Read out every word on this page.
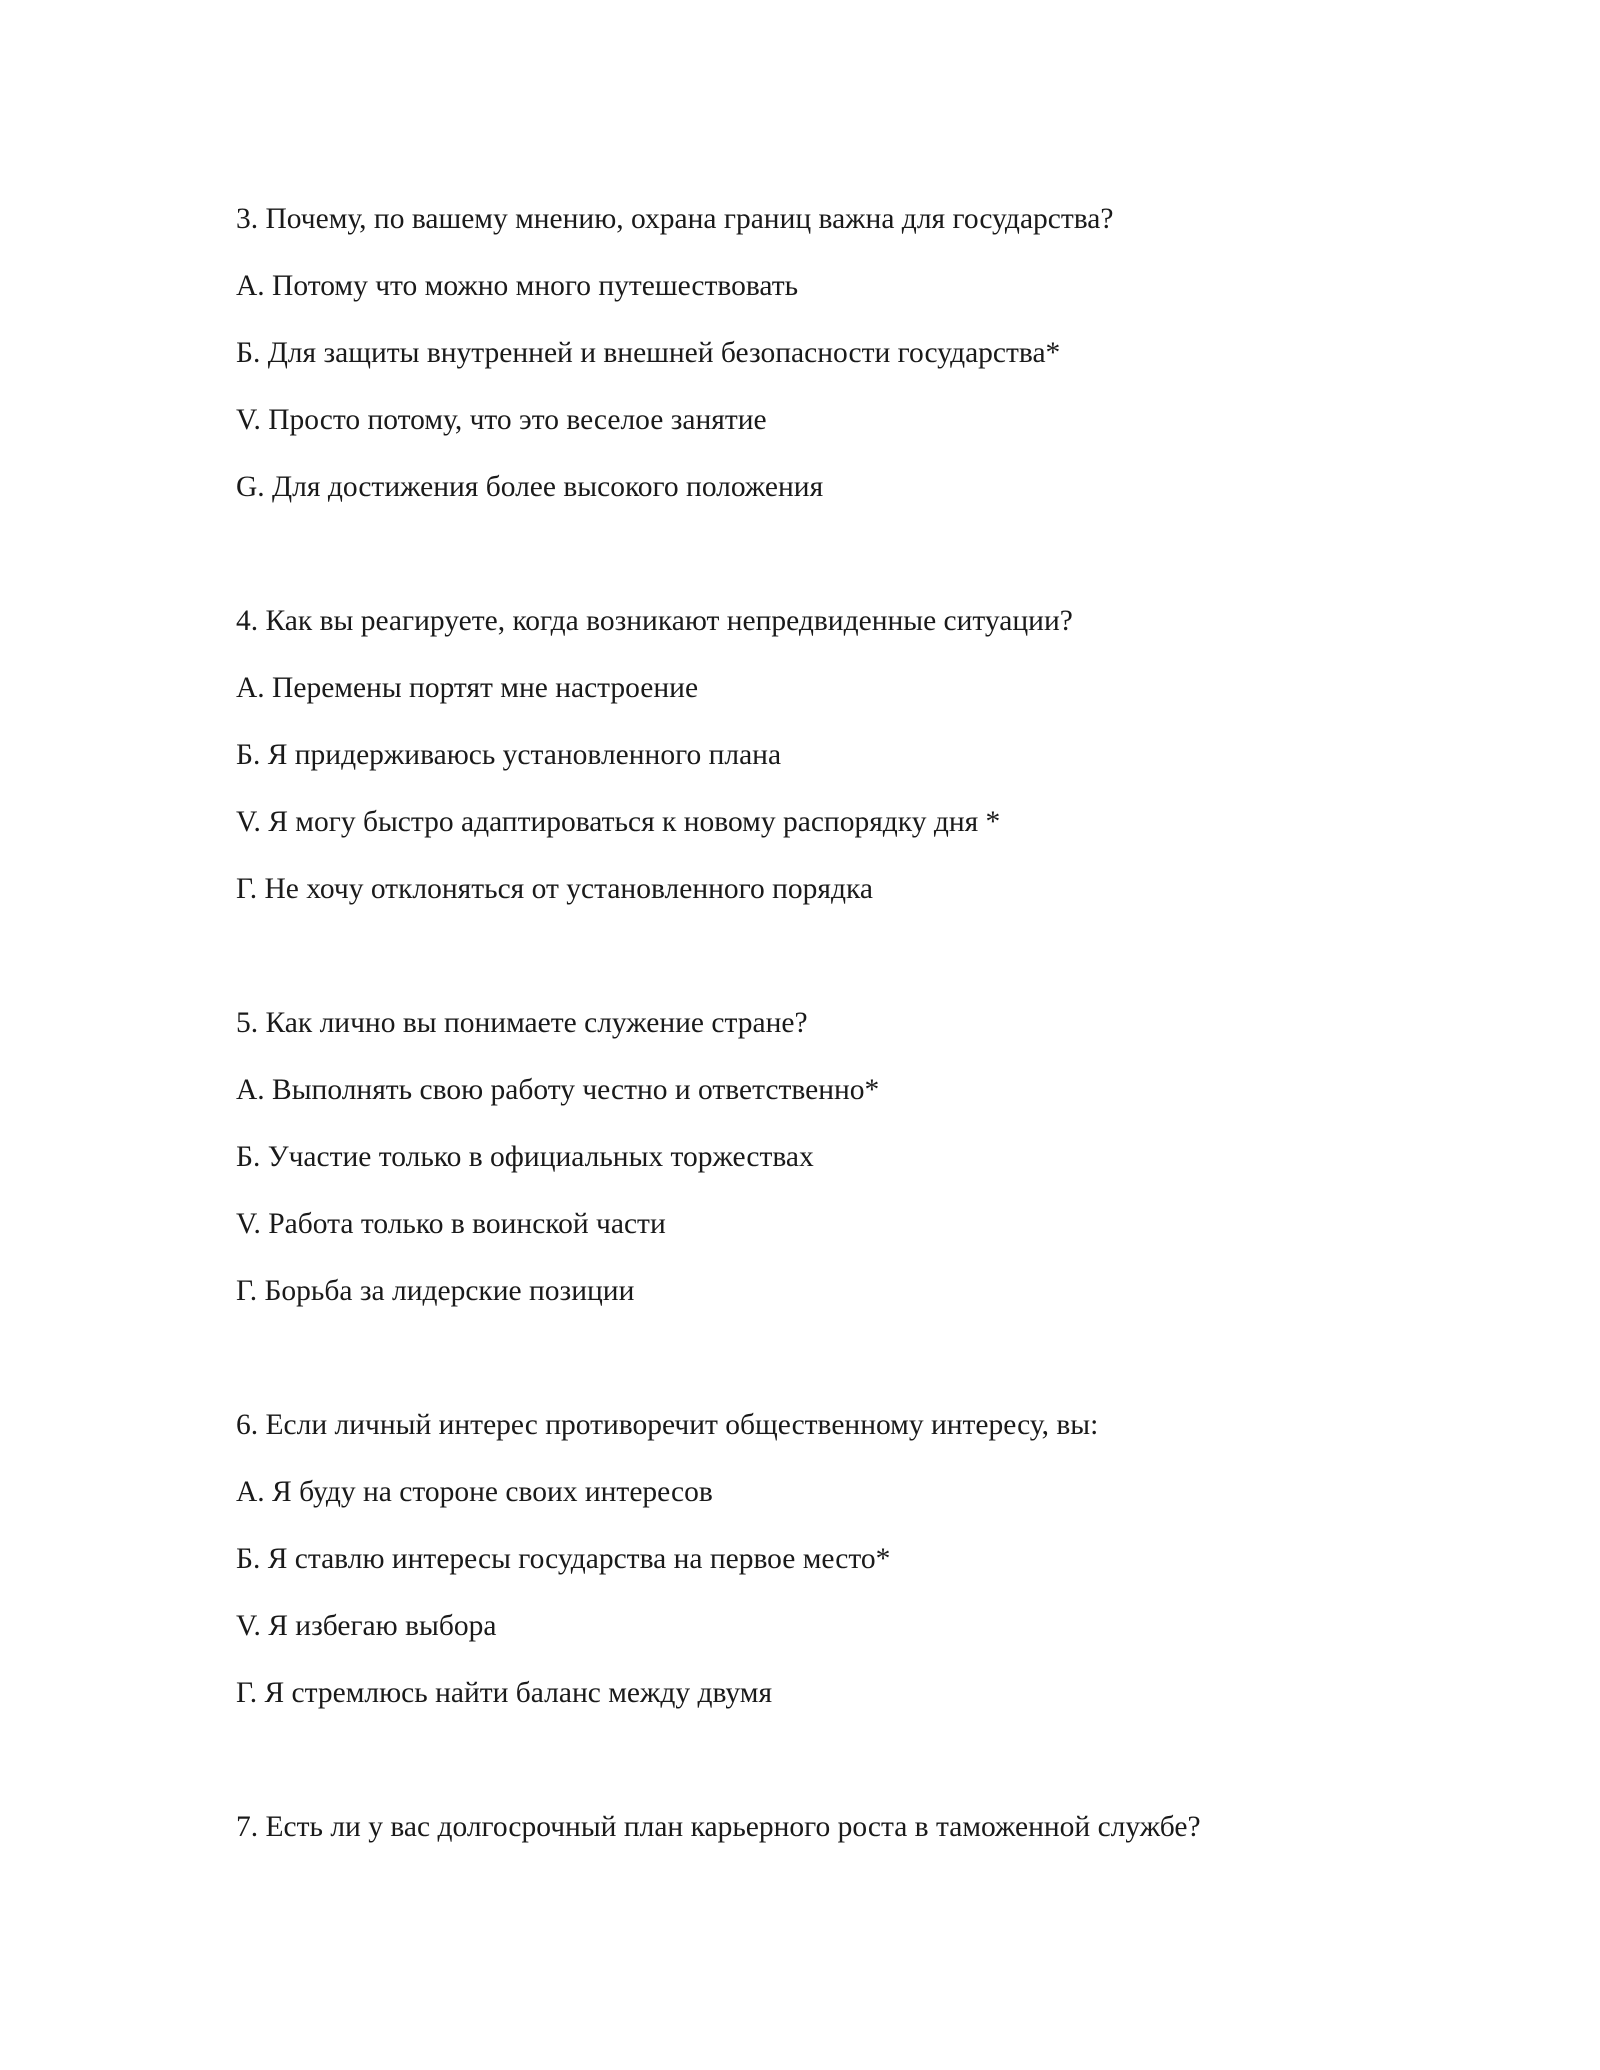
3. Почему, по вашему мнению, охрана границ важна для государства?
А. Потому что можно много путешествовать
Б. Для защиты внутренней и внешней безопасности государства*
V. Просто потому, что это веселое занятие
G. Для достижения более высокого положения
4. Как вы реагируете, когда возникают непредвиденные ситуации?
А. Перемены портят мне настроение
Б. Я придерживаюсь установленного плана
V. Я могу быстро адаптироваться к новому распорядку дня *
Г. Не хочу отклоняться от установленного порядка
5. Как лично вы понимаете служение стране?
А. Выполнять свою работу честно и ответственно*
Б. Участие только в официальных торжествах
V. Работа только в воинской части
Г. Борьба за лидерские позиции
6. Если личный интерес противоречит общественному интересу, вы:
А. Я буду на стороне своих интересов
Б. Я ставлю интересы государства на первое место*
V. Я избегаю выбора
Г. Я стремлюсь найти баланс между двумя
7. Есть ли у вас долгосрочный план карьерного роста в таможенной службе?
